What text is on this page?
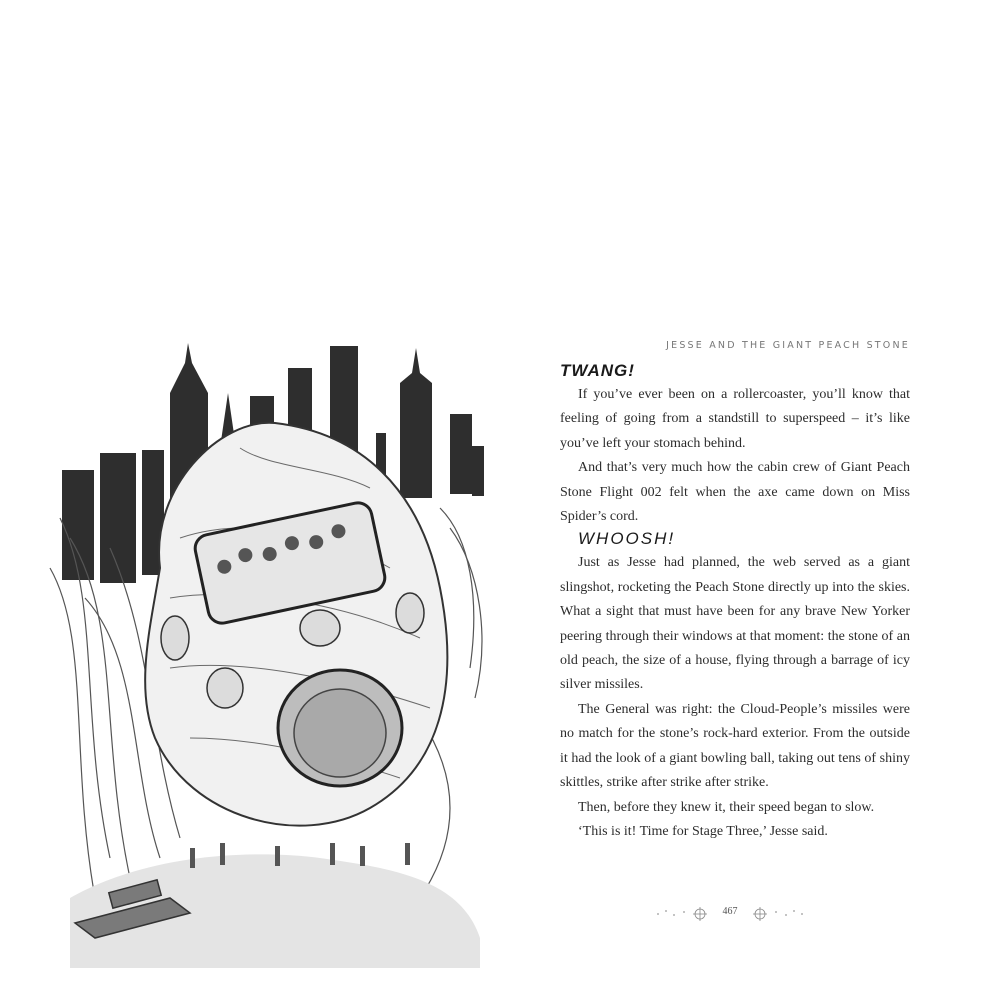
JESSE AND THE GIANT PEACH STONE
TWANG!

If you’ve ever been on a rollercoaster, you’ll know that feeling of going from a standstill to superspeed – it’s like you’ve left your stomach behind.

And that’s very much how the cabin crew of Giant Peach Stone Flight 002 felt when the axe came down on Miss Spider’s cord.

WHOOSH!

Just as Jesse had planned, the web served as a giant slingshot, rocketing the Peach Stone directly up into the skies. What a sight that must have been for any brave New Yorker peering through their windows at that moment: the stone of an old peach, the size of a house, flying through a barrage of icy silver missiles.

The General was right: the Cloud-People’s missiles were no match for the stone’s rock-hard exterior. From the outside it had the look of a giant bowling ball, taking out tens of shiny skittles, strike after strike after strike.

Then, before they knew it, their speed began to slow.

‘This is it! Time for Stage Three,’ Jesse said.

467
